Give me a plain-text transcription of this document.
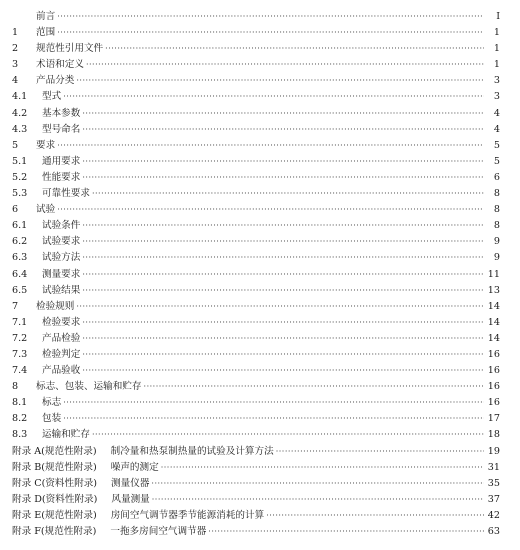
前言 ·····	I
1	范围 ·····	1
2	规范性引用文件 ·····	1
3	术语和定义 ·····	1
4	产品分类 ·····	3
4.1	型式 ·····	3
4.2	基本参数 ·····	4
4.3	型号命名 ·····	4
5	要求 ·····	5
5.1	通用要求 ·····	5
5.2	性能要求 ·····	6
5.3	可靠性要求 ·····	8
6	试验 ·····	8
6.1	试验条件 ·····	8
6.2	试验要求 ·····	9
6.3	试验方法 ·····	9
6.4	测量要求 ·····	11
6.5	试验结果 ·····	13
7	检验规则 ·····	14
7.1	检验要求 ·····	14
7.2	产品检验 ·····	14
7.3	检验判定 ·····	16
7.4	产品验收 ·····	16
8	标志、包装、运输和贮存 ·····	16
8.1	标志 ·····	16
8.2	包装 ·····	17
8.3	运输和贮存 ·····	18
附录 A(规范性附录) 制冷量和热泵制热量的试验及计算方法 ·····	19
附录 B(规范性附录) 噪声的测定 ·····	31
附录 C(资料性附录) 测量仪器 ·····	35
附录 D(资料性附录) 风量测量 ·····	37
附录 E(规范性附录) 房间空气调节器季节能源消耗的计算 ·····	42
附录 F(规范性附录) 一拖多房间空气调节器 ·····	63
